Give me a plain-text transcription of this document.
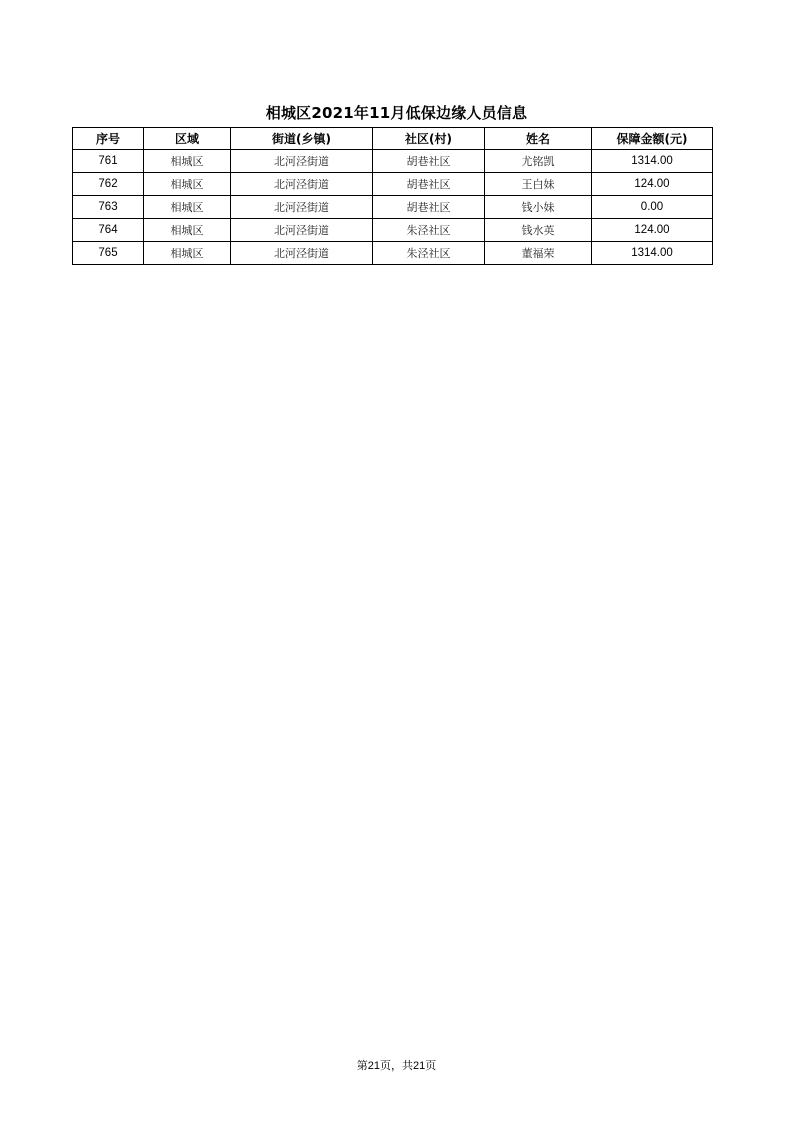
相城区2021年11月低保边缘人员信息
序号	区域	街道(乡镇)	社区(村)	姓名	保障金额(元)
761	相城区	北河泾街道	胡巷社区	尤铭凯	1314.00
762	相城区	北河泾街道	胡巷社区	王白妹	124.00
763	相城区	北河泾街道	胡巷社区	钱小妹	0.00
764	相城区	北河泾街道	朱泾社区	钱水英	124.00
765	相城区	北河泾街道	朱泾社区	董福荣	1314.00
第21页，共21页
